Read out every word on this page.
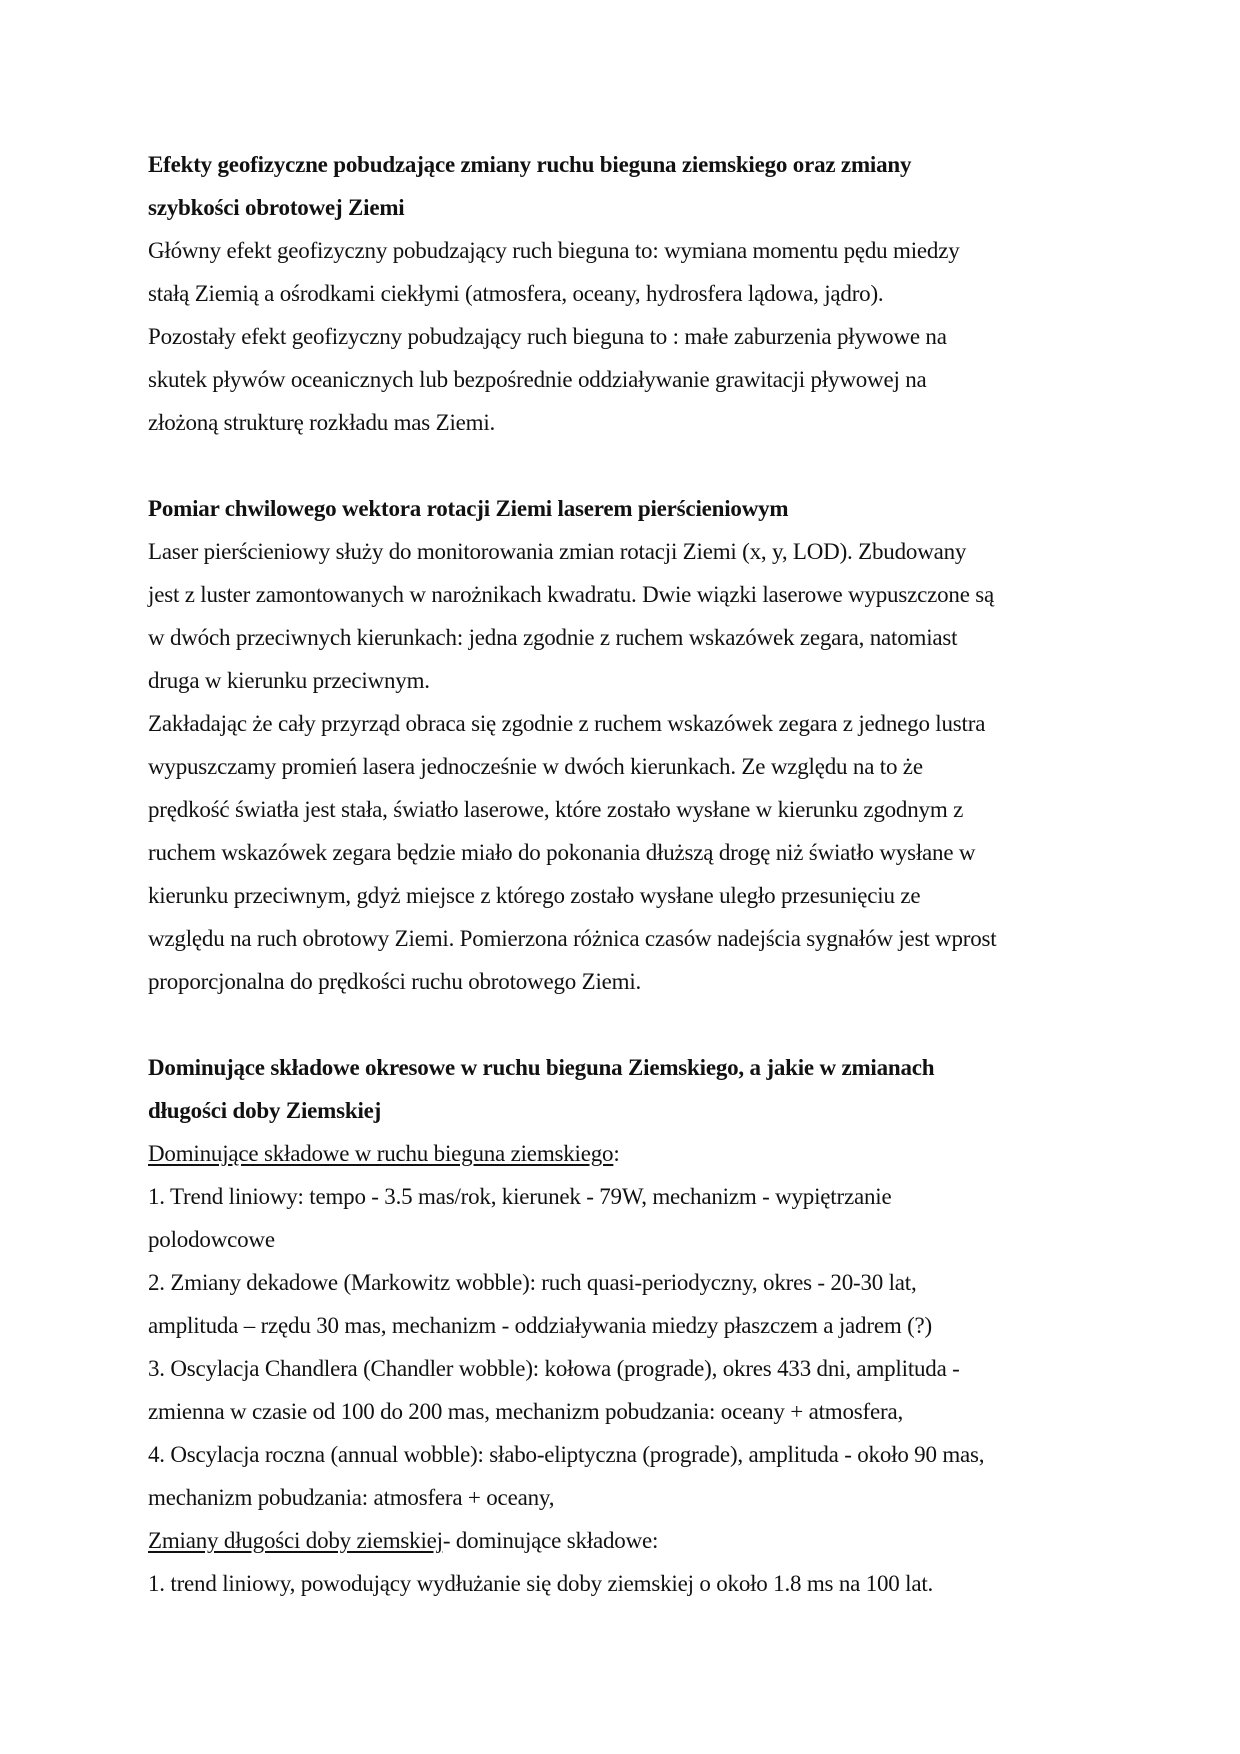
Efekty geofizyczne pobudzające zmiany ruchu bieguna ziemskiego oraz zmiany
szybkości obrotowej Ziemi
Główny efekt geofizyczny pobudzający ruch bieguna to: wymiana momentu pędu miedzy
stałą Ziemią a ośrodkami ciekłymi (atmosfera, oceany, hydrosfera lądowa, jądro).
Pozostały efekt geofizyczny pobudzający ruch bieguna to : małe zaburzenia pływowe na
skutek pływów oceanicznych lub bezpośrednie oddziaływanie grawitacji pływowej na
złożoną strukturę rozkładu mas Ziemi.
Pomiar chwilowego wektora rotacji Ziemi laserem pierścieniowym
Laser pierścieniowy służy do monitorowania zmian rotacji Ziemi (x, y, LOD). Zbudowany
jest z luster zamontowanych w narożnikach kwadratu. Dwie wiązki laserowe wypuszczone są
w dwóch przeciwnych kierunkach: jedna zgodnie z ruchem wskazówek zegara, natomiast
druga w kierunku przeciwnym.
Zakładając że cały przyrząd obraca się zgodnie z ruchem wskazówek zegara z jednego lustra
wypuszczamy promień lasera jednocześnie w dwóch kierunkach. Ze względu na to że
prędkość światła jest stała, światło laserowe, które zostało wysłane w kierunku zgodnym z
ruchem wskazówek zegara będzie miało do pokonania dłuższą drogę niż światło wysłane w
kierunku przeciwnym, gdyż miejsce z którego zostało wysłane uległo przesunięciu ze
względu na ruch obrotowy Ziemi. Pomierzona różnica czasów nadejścia sygnałów jest wprost
proporcjonalna do prędkości ruchu obrotowego Ziemi.
Dominujące składowe okresowe w ruchu bieguna Ziemskiego, a jakie w zmianach
długości doby Ziemskiej
Dominujące składowe w ruchu bieguna ziemskiego:
1. Trend liniowy: tempo - 3.5 mas/rok, kierunek - 79W, mechanizm - wypiętrzanie
polodowcowe
2. Zmiany dekadowe (Markowitz wobble): ruch quasi-periodyczny, okres - 20-30 lat,
amplituda – rzędu 30 mas, mechanizm - oddziaływania miedzy płaszczem a jadrem (?)
3. Oscylacja Chandlera (Chandler wobble): kołowa (prograde), okres 433 dni, amplituda -
zmienna w czasie od 100 do 200 mas, mechanizm pobudzania: oceany + atmosfera,
4. Oscylacja roczna (annual wobble): słabo-eliptyczna (prograde), amplituda - około 90 mas,
mechanizm pobudzania: atmosfera + oceany,
Zmiany długości doby ziemskiej- dominujące składowe:
1. trend liniowy, powodujący wydłużanie się doby ziemskiej o około 1.8 ms na 100 lat.
